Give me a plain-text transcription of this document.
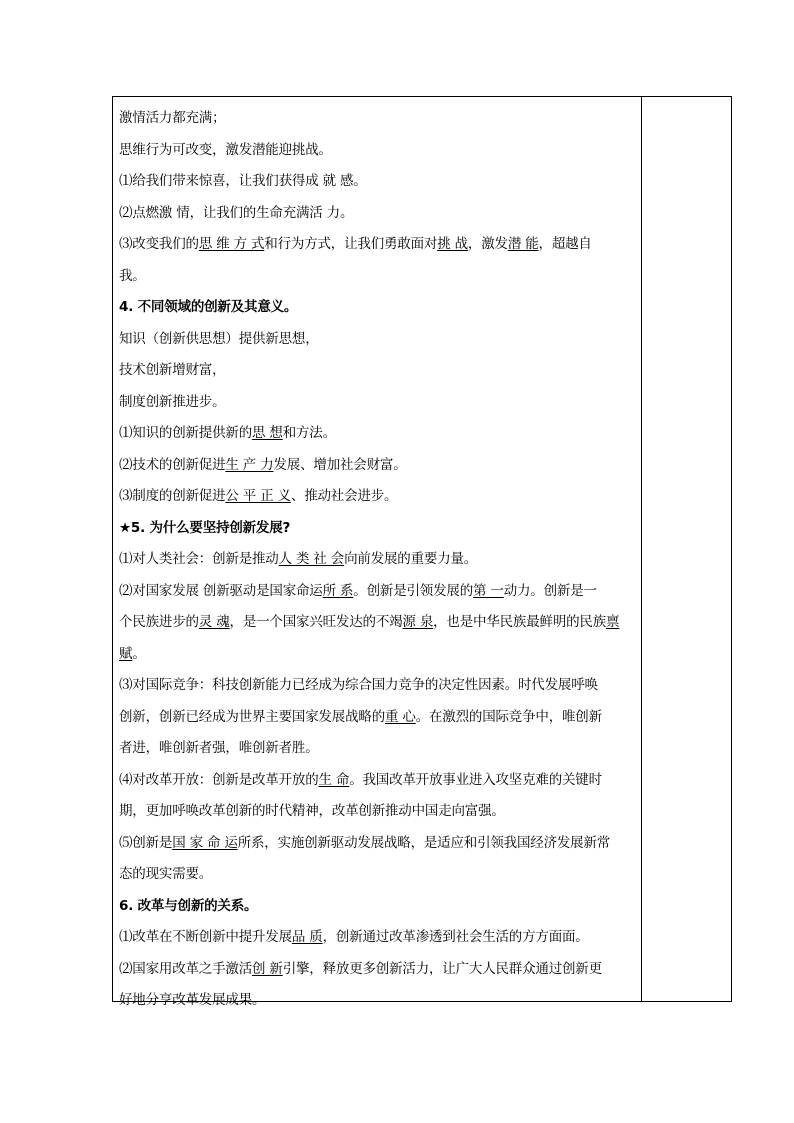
激情活力都充满；
思维行为可改变，激发潜能迎挑战。
⑴给我们带来惊喜，让我们获得成 就 感。
⑵点燃激 情，让我们的生命充满活 力。
⑶改变我们的思 维 方 式和行为方式，让我们勇敢面对挑 战，激发潜 能，超越自
我。
4. 不同领域的创新及其意义。
知识（创新供思想）提供新思想，
技术创新增财富，
制度创新推进步。
⑴知识的创新提供新的思 想和方法。
⑵技术的创新促进生 产 力发展、增加社会财富。
⑶制度的创新促进公 平 正 义、推动社会进步。
★5. 为什么要坚持创新发展?
⑴对人类社会：创新是推动人 类 社 会向前发展的重要力量。
⑵对国家发展 创新驱动是国家命运所 系。创新是引领发展的第 一动力。创新是一
个民族进步的灵 魂，是一个国家兴旺发达的不竭源 泉，也是中华民族最鲜明的民族禀
赋。
⑶对国际竞争：科技创新能力已经成为综合国力竞争的决定性因素。时代发展呼唤
创新，创新已经成为世界主要国家发展战略的重 心。在激烈的国际竞争中，唯创新
者进，唯创新者强，唯创新者胜。
⑷对改革开放：创新是改革开放的生 命。我国改革开放事业进入攻坚克难的关键时
期，更加呼唤改革创新的时代精神，改革创新推动中国走向富强。
⑸创新是国 家 命 运所系，实施创新驱动发展战略，是适应和引领我国经济发展新常
态的现实需要。
6. 改革与创新的关系。
⑴改革在不断创新中提升发展品 质，创新通过改革渗透到社会生活的方方面面。
⑵国家用改革之手激活创 新引擎，释放更多创新活力，让广大人民群众通过创新更
好地分享改革发展成果。
